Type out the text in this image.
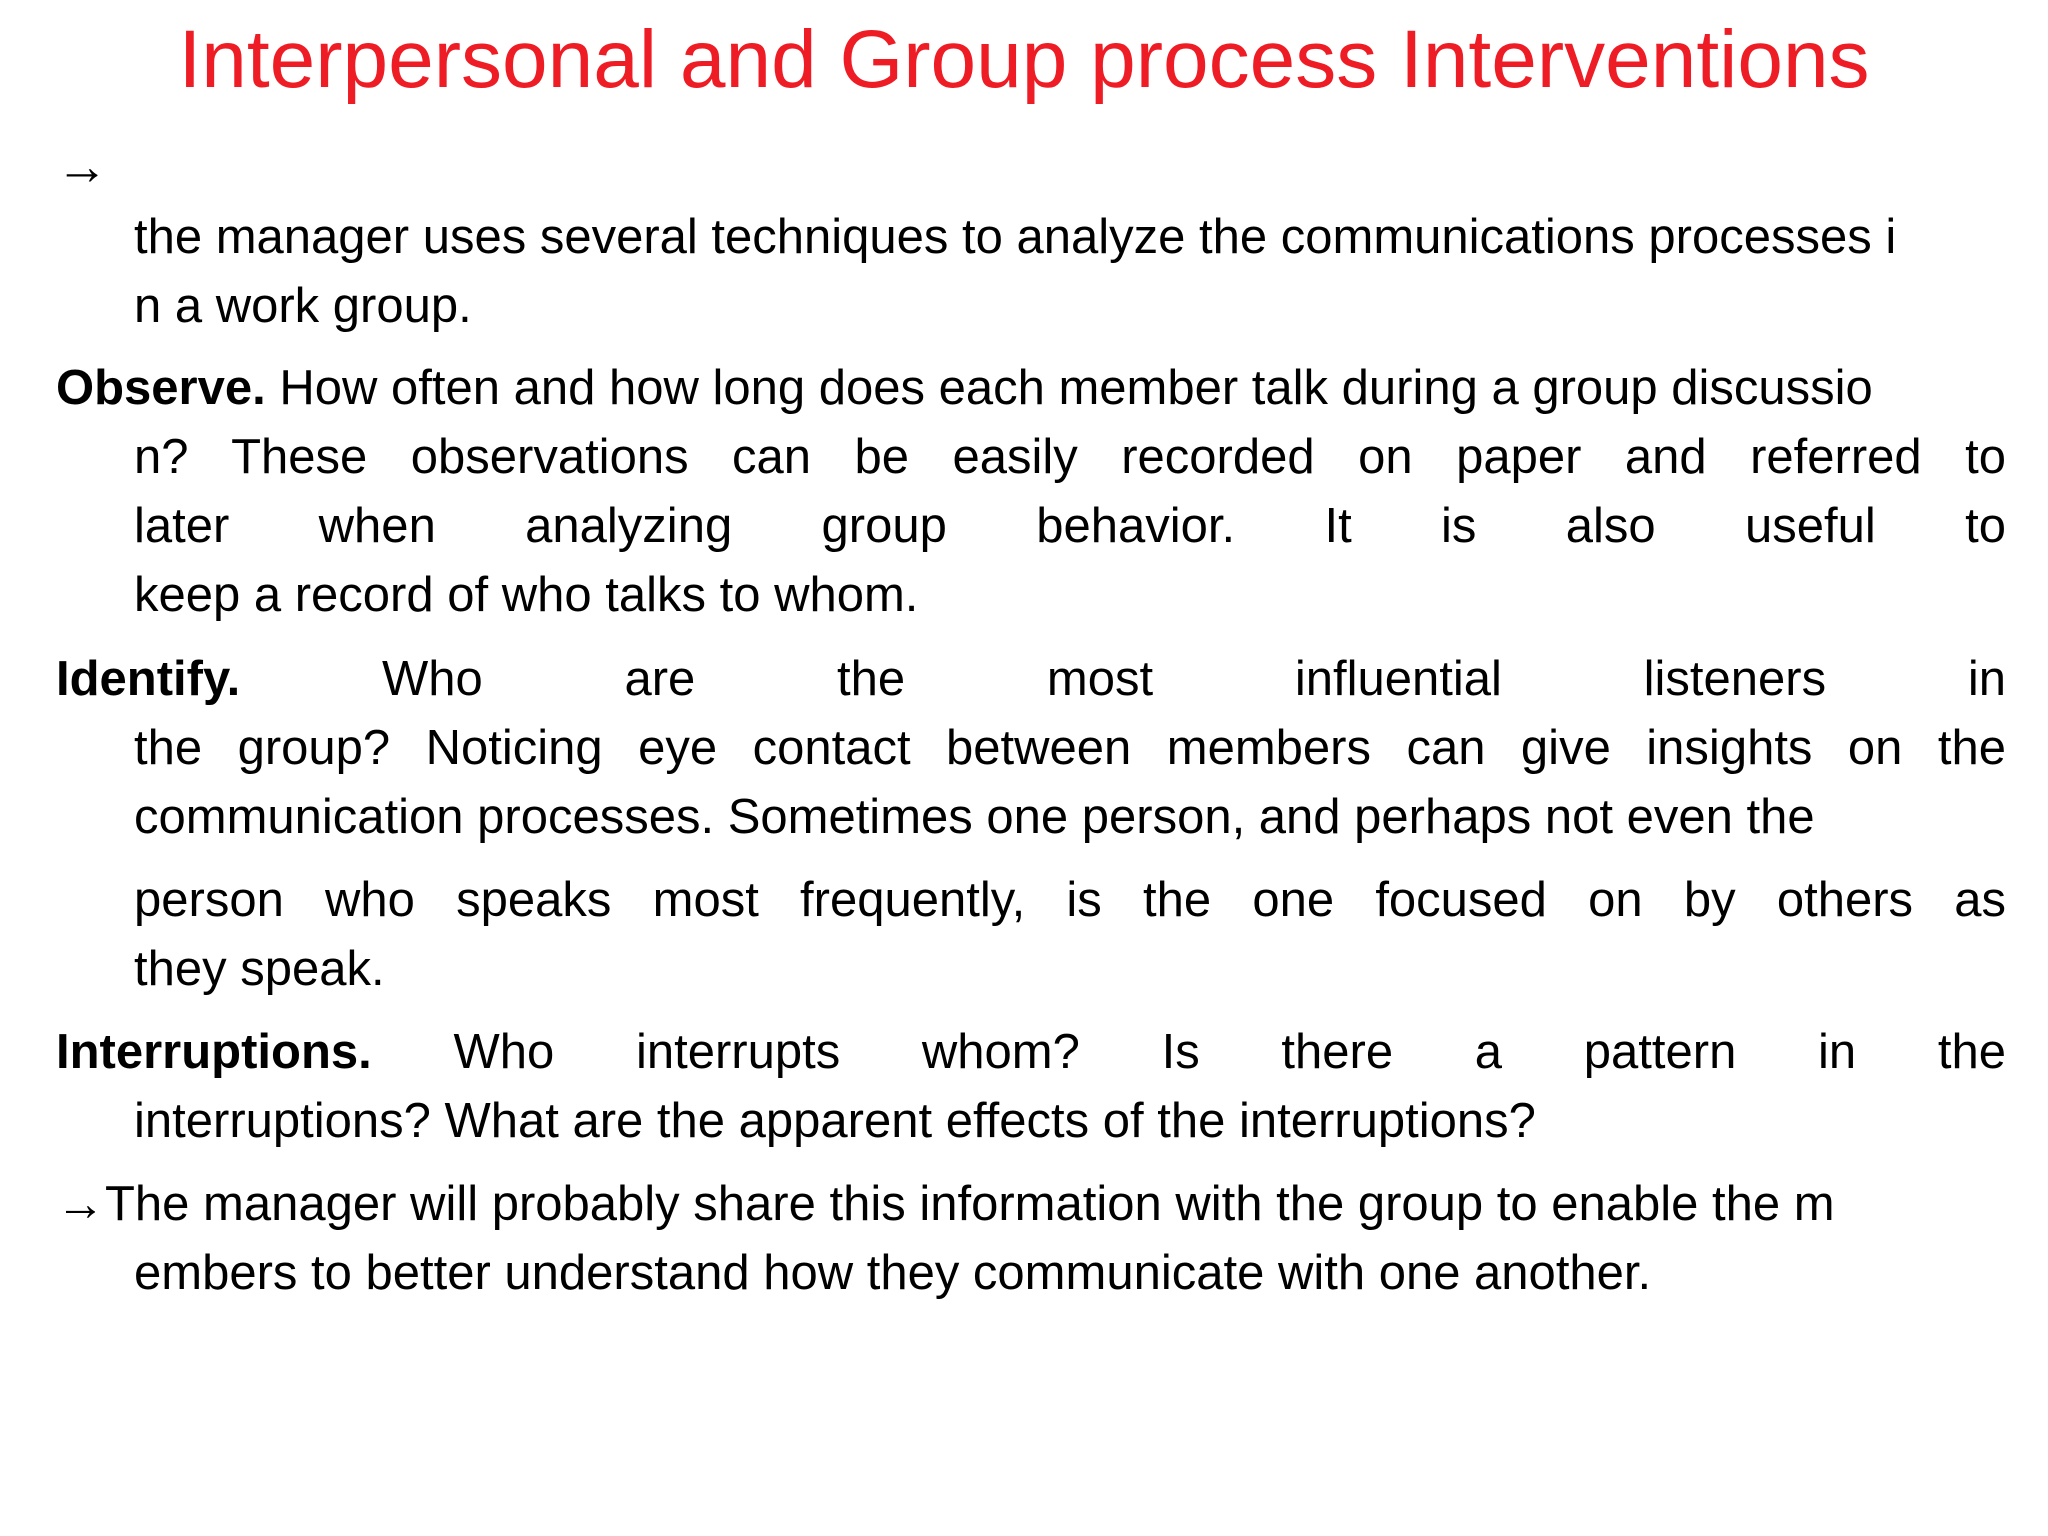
Interpersonal and Group process Interventions
→
the manager uses several techniques to analyze the communications processes i
n a work group.
Observe. How often and how long does each member talk during a group discussio
n? These observations can be easily recorded on paper and referred to
later when analyzing group behavior. It is also useful to
keep a record of who talks to whom.
Identify. Who are the most influential listeners in
the group? Noticing eye contact between members can give insights on the
communication processes. Sometimes one person, and perhaps not even the
person who speaks most frequently, is the one focused on by others as
they speak.
Interruptions. Who interrupts whom? Is there a pattern in the
interruptions? What are the apparent effects of the interruptions?
→The manager will probably share this information with the group to enable the m
embers to better understand how they communicate with one another.
